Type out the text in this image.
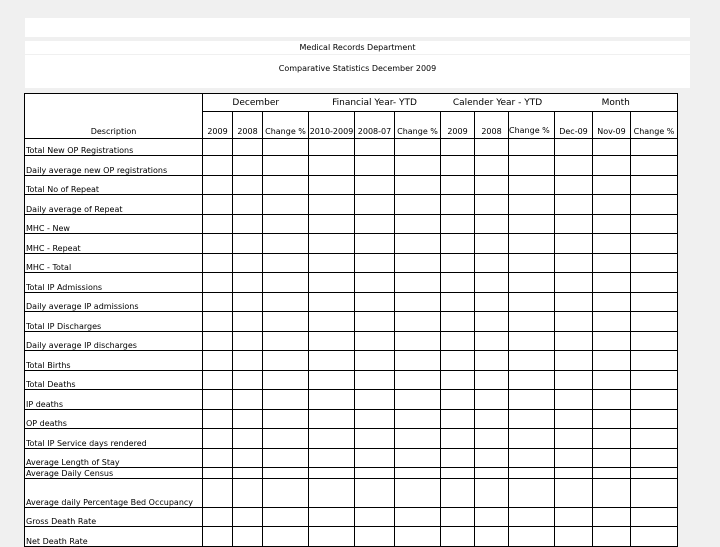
Medical Records Department
Comparative Statistics December 2009
	December			Financial Year- YTD			Calender Year - YTD			Month		
Description	2009	2008	Change %	2010-2009	2008-07	Change %	2009	2008	Change %	Dec-09	Nov-09	Change %
Total New OP Registrations												
Daily average new OP registrations												
Total No of Repeat												
Daily average of Repeat												
MHC - New												
MHC - Repeat												
MHC - Total												
Total IP Admissions												
Daily average IP admissions												
Total IP Discharges												
Daily average IP discharges												
Total Births												
Total Deaths												
IP deaths												
OP deaths												
Total IP Service days rendered												
Average Length of Stay												
Average Daily Census												
Average daily Percentage Bed Occupancy												
Gross Death Rate												
Net Death Rate												
